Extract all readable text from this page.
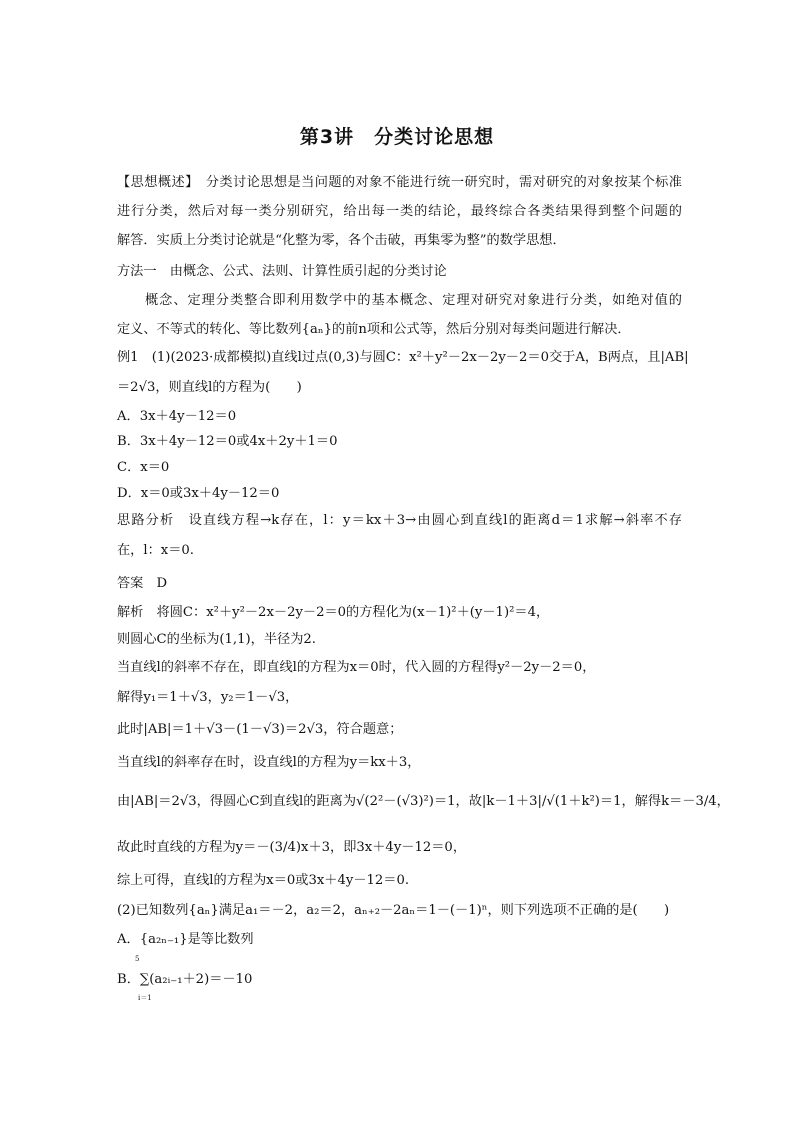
第3讲　分类讨论思想
【思想概述】　分类讨论思想是当问题的对象不能进行统一研究时，需对研究的对象按某个标准
进行分类，然后对每一类分别研究，给出每一类的结论，最终综合各类结果得到整个问题的
解答．实质上分类讨论就是“化整为零，各个击破，再集零为整”的数学思想．
方法一　由概念、公式、法则、计算性质引起的分类讨论
概念、定理分类整合即利用数学中的基本概念、定理对研究对象进行分类，如绝对值的
定义、不等式的转化、等比数列{aₙ}的前n项和公式等，然后分别对每类问题进行解决．
例1　(1)(2023·成都模拟)直线l过点(0,3)与圆C：x²＋y²－2x－2y－2＝0交于A，B两点，且|AB|
＝2√3，则直线l的方程为(　　)
A．3x＋4y－12＝0
B．3x＋4y－12＝0或4x＋2y＋1＝0
C．x＝0
D．x＝0或3x＋4y－12＝0
思路分析　设直线方程→k存在，l：y＝kx＋3→由圆心到直线l的距离d＝1求解→斜率不存
在，l：x＝0.
答案　D
解析　将圆C：x²＋y²－2x－2y－2＝0的方程化为(x－1)²＋(y－1)²＝4，
则圆心C的坐标为(1,1)，半径为2.
当直线l的斜率不存在，即直线l的方程为x＝0时，代入圆的方程得y²－2y－2＝0，
解得y₁＝1＋√3，y₂＝1－√3，
此时|AB|＝1＋√3－(1－√3)＝2√3，符合题意；
当直线l的斜率存在时，设直线l的方程为y＝kx＋3，
由|AB|＝2√3，得圆心C到直线l的距离为√(2²－(√3)²)＝1，故|k－1＋3|/√(1＋k²)＝1，解得k＝－3/4，
故此时直线的方程为y＝－(3/4)x＋3，即3x＋4y－12＝0，
综上可得，直线l的方程为x＝0或3x＋4y－12＝0.
(2)已知数列{aₙ}满足a₁＝－2，a₂＝2，aₙ₊₂－2aₙ＝1－(－1)ⁿ，则下列选项不正确的是(　　)
A．{a₂ₙ₋₁}是等比数列
B．∑(a₂ᵢ₋₁＋2)＝－10
5
i＝1
